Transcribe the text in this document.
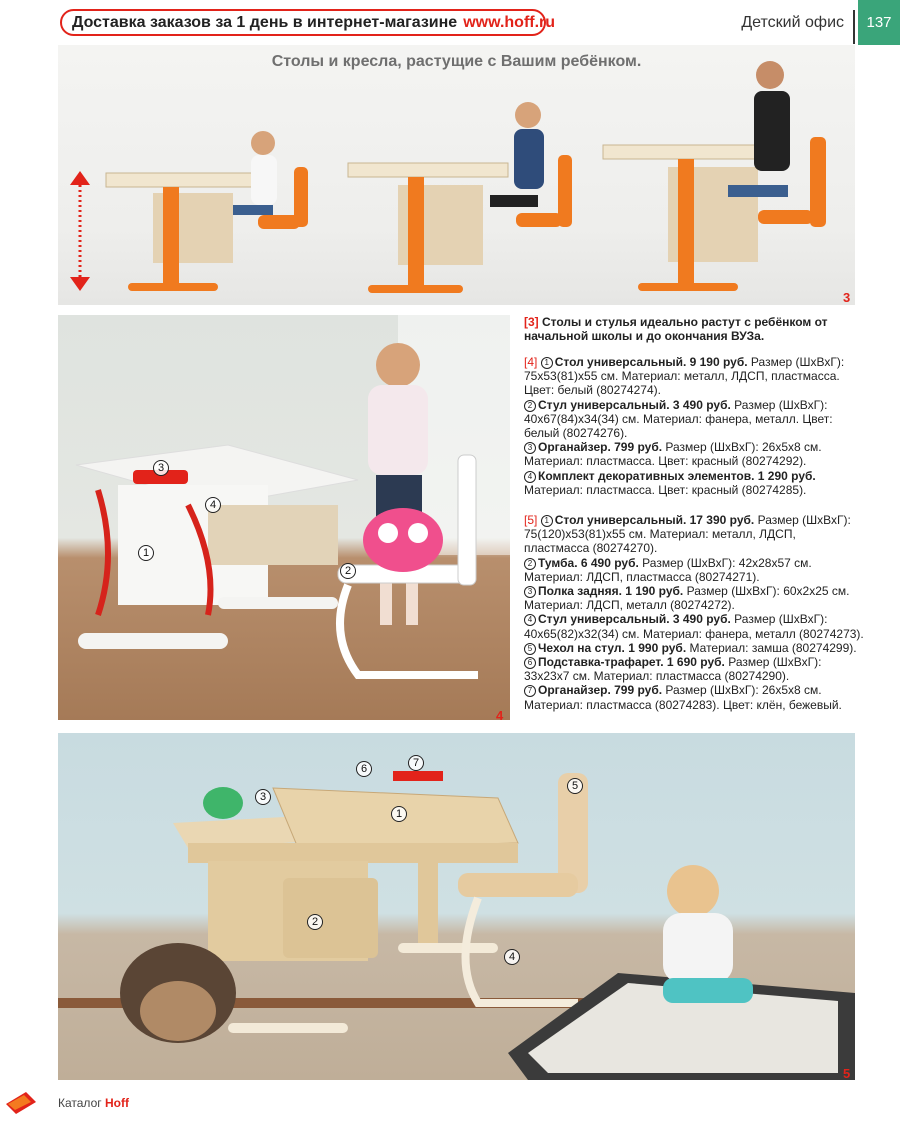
Доставка заказов за 1 день в интернет-магазине www.hoff.ru	Детский офис	137
Столы и кресла, растущие с Вашим ребёнком.
3
3
4
1
2
4

[3] Столы и стулья идеально растут с ребёнком от начальной школы и до окончания ВУЗа.

[4] 1 Стол универсальный. 9 190 руб. Размер (ШхВхГ): 75х53(81)х55 см. Материал: металл, ЛДСП, пластмасса. Цвет: белый (80274274).

2 Стул универсальный. 3 490 руб. Размер (ШхВхГ): 40х67(84)х34(34) см. Материал: фанера, металл. Цвет: белый (80274276).

3 Органайзер. 799 руб. Размер (ШхВхГ): 26х5х8 см. Материал: пластмасса. Цвет: красный (80274292).

4 Комплект декоративных элементов. 1 290 руб. Материал: пластмасса. Цвет: красный (80274285).

[5] 1 Стол универсальный. 17 390 руб. Размер (ШхВхГ): 75(120)х53(81)х55 см. Материал: металл, ЛДСП, пластмасса (80274270).

2 Тумба. 6 490 руб. Размер (ШхВхГ): 42х28х57 см. Материал: ЛДСП, пластмасса (80274271).

3 Полка задняя. 1 190 руб. Размер (ШхВхГ): 60х2х25 см. Материал: ЛДСП, металл (80274272).

4 Стул универсальный. 3 490 руб. Размер (ШхВхГ): 40х65(82)х32(34) см. Материал: фанера, металл (80274273).

5 Чехол на стул. 1 990 руб. Материал: замша (80274299).

6 Подставка-трафарет. 1 690 руб. Размер (ШхВхГ): 33х23х7 см. Материал: пластмасса (80274290).

7 Органайзер. 799 руб. Размер (ШхВхГ): 26х5х8 см. Материал: пластмасса (80274283). Цвет: клён, бежевый.

3
6	7
1
5
2
4
5
Каталог Hoff
